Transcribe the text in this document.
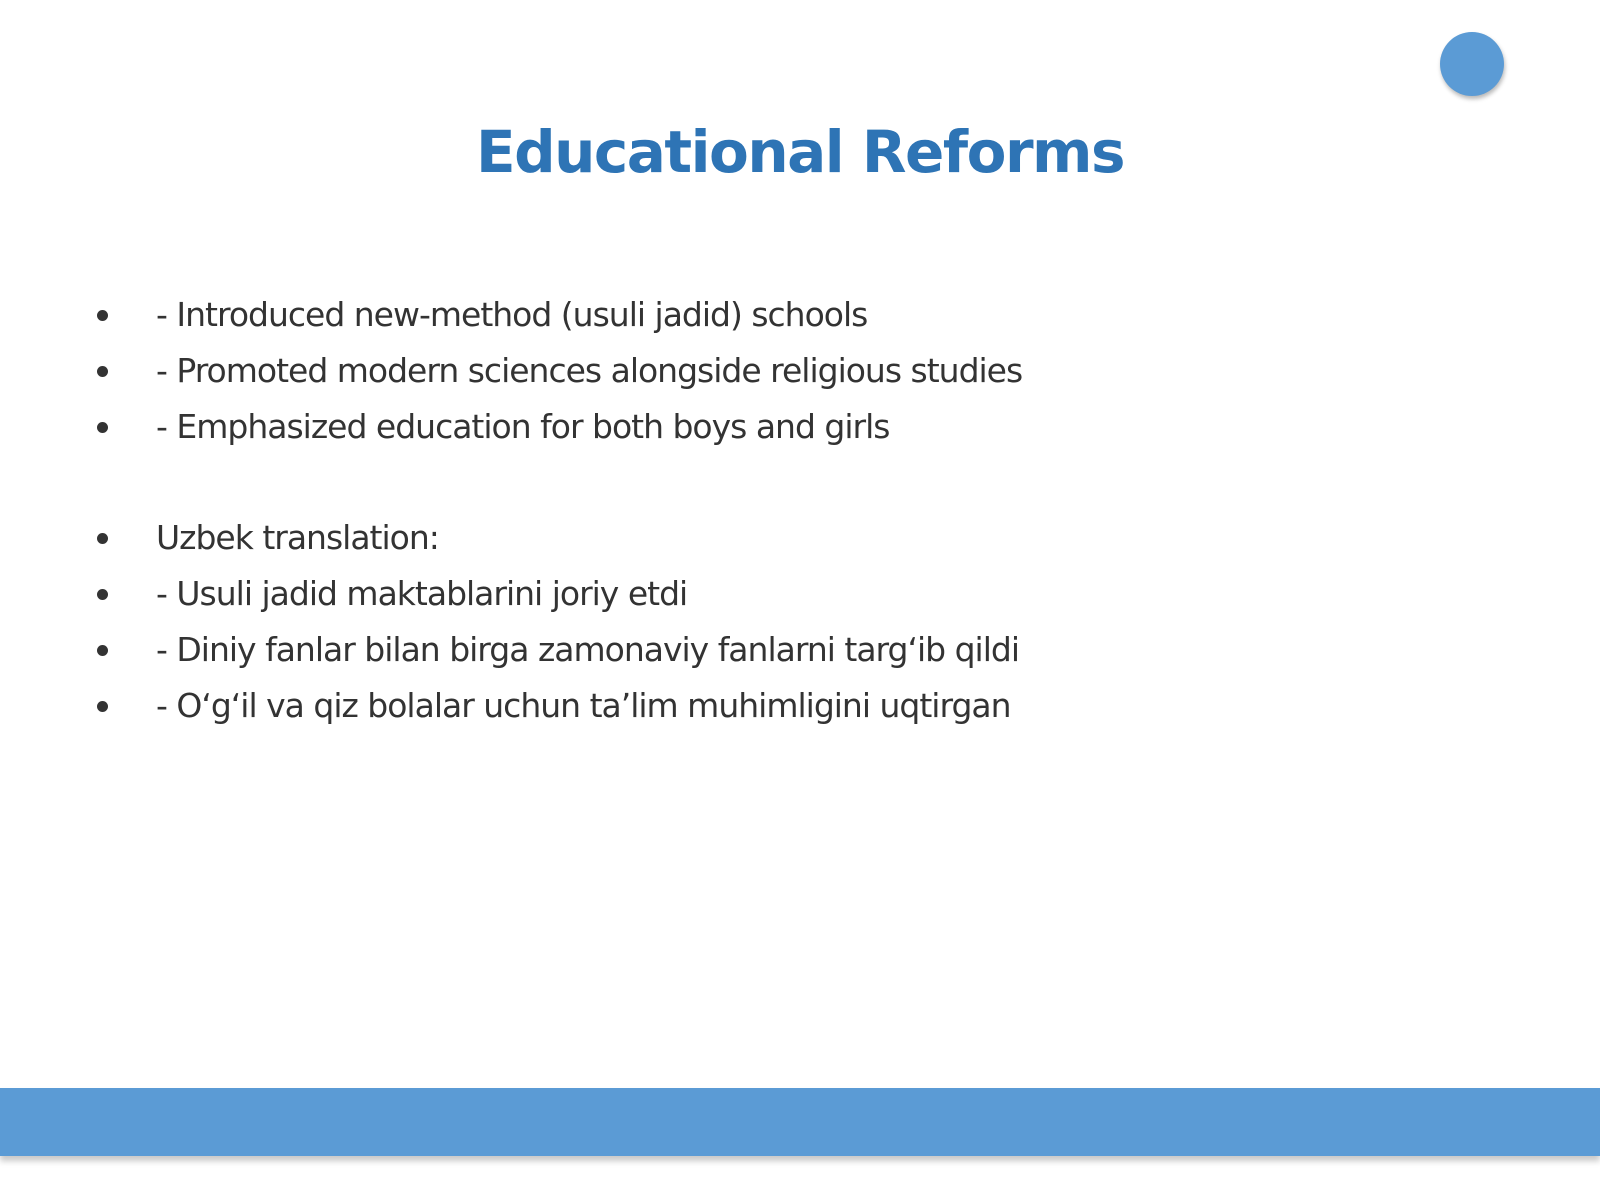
Educational Reforms
- Introduced new-method (usuli jadid) schools
- Promoted modern sciences alongside religious studies
- Emphasized education for both boys and girls
Uzbek translation:
- Usuli jadid maktablarini joriy etdi
- Diniy fanlar bilan birga zamonaviy fanlarni targ‘ib qildi
- O‘g‘il va qiz bolalar uchun ta’lim muhimligini uqtirgan
